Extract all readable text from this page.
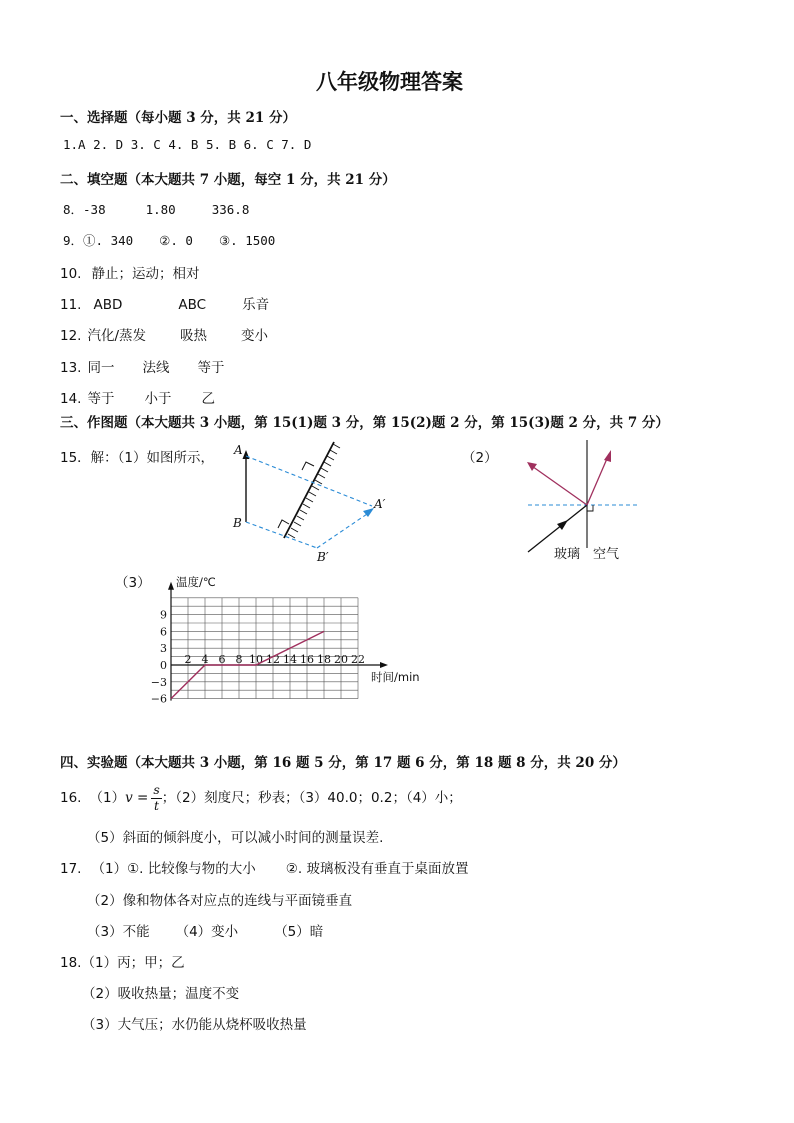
八年级物理答案
一、选择题（每小题 3 分，共 21 分）
1.A 2. D 3. C 4. B 5. B 6. C 7. D
二、填空题（本大题共 7 小题，每空 1 分，共 21 分）
8．-38	1.80	336.8
9．①. 340 ②. 0 ③. 1500
10. 静止；运动；相对
11. ABD	ABC	乐音
12. 汽化/蒸发	吸热	变小
13. 同一 法线 等于
14. 等于 小于 乙
三、作图题（本大题共 3 小题，第 15(1)题 3 分，第 15(2)题 2 分，第 15(3)题 2 分，共 7 分）
15．解：（1）如图所示，	（2）
（3）
A
B
A′
B′	玻璃 空气
2 4 6 8 10 12 14 16 18 20 22
9
6
3
0
−3
−6
温度/℃
时间/min
四、实验题（本大题共 3 小题，第 16 题 5 分，第 17 题 6 分，第 18 题 8 分，共 20 分）
16. $(1)v = \frac{s}{t}$ ；（2）刻度尺；秒表；（3）40.0；0.2；（4）小；
（5）斜面的倾斜度小，可以减小时间的测量误差.
17. （1）①. 比较像与物的大小 ②. 玻璃板没有垂直于桌面放置
（2）像和物体各对应点的连线与平面镜垂直
（3）不能 （4）变小	（5）暗
18.（1）丙；甲；乙
（2）吸收热量；温度不变
（3）大气压；水仍能从烧杯吸收热量
